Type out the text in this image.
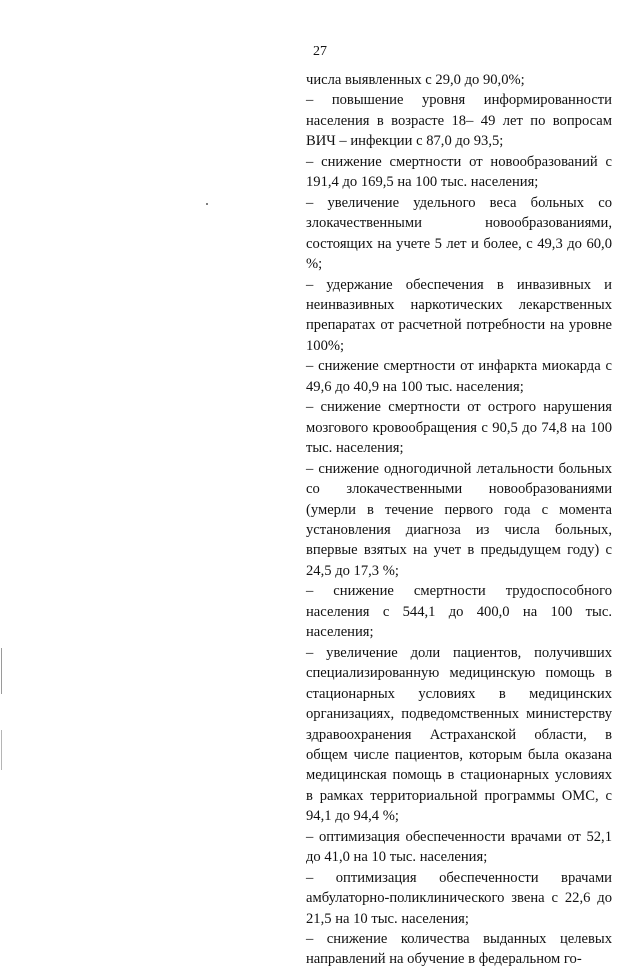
27

числа выявленных с 29,0 до 90,0%;

– повышение уровня информированности населения в возрасте 18– 49 лет по вопросам ВИЧ – инфекции с 87,0 до 93,5;

– снижение смертности от новообразований с 191,4 до 169,5 на 100 тыс. населения;

– увеличение удельного веса больных со злокачественными новообразованиями, состоящих на учете 5 лет и более, с 49,3 до 60,0 %;

– удержание обеспечения в инвазивных и неинвазивных наркотических лекарственных препаратах от расчетной потребности на уровне 100%;

– снижение смертности от инфаркта миокарда с 49,6 до 40,9 на 100 тыс. населения;

– снижение смертности от острого нарушения мозгового кровообращения с 90,5 до 74,8 на 100 тыс. населения;

– снижение одногодичной летальности больных со злокачественными новообразованиями (умерли в течение первого года с момента установления диагноза из числа больных, впервые взятых на учет в предыдущем году) с 24,5 до 17,3 %;

– снижение смертности трудоспособного населения с 544,1 до 400,0 на 100 тыс. населения;

– увеличение доли пациентов, получивших специализированную медицинскую помощь в стационарных условиях в медицинских организациях, подведомственных министерству здравоохранения Астраханской области, в общем числе пациентов, которым была оказана медицинская помощь в стационарных условиях в рамках территориальной программы ОМС, с 94,1 до 94,4 %;

– оптимизация обеспеченности врачами от 52,1 до 41,0 на 10 тыс. населения;

– оптимизация обеспеченности врачами амбулаторно-поликлинического звена с 22,6 до 21,5 на 10 тыс. населения;

– снижение количества выданных целевых направлений на обучение в федеральном го-
